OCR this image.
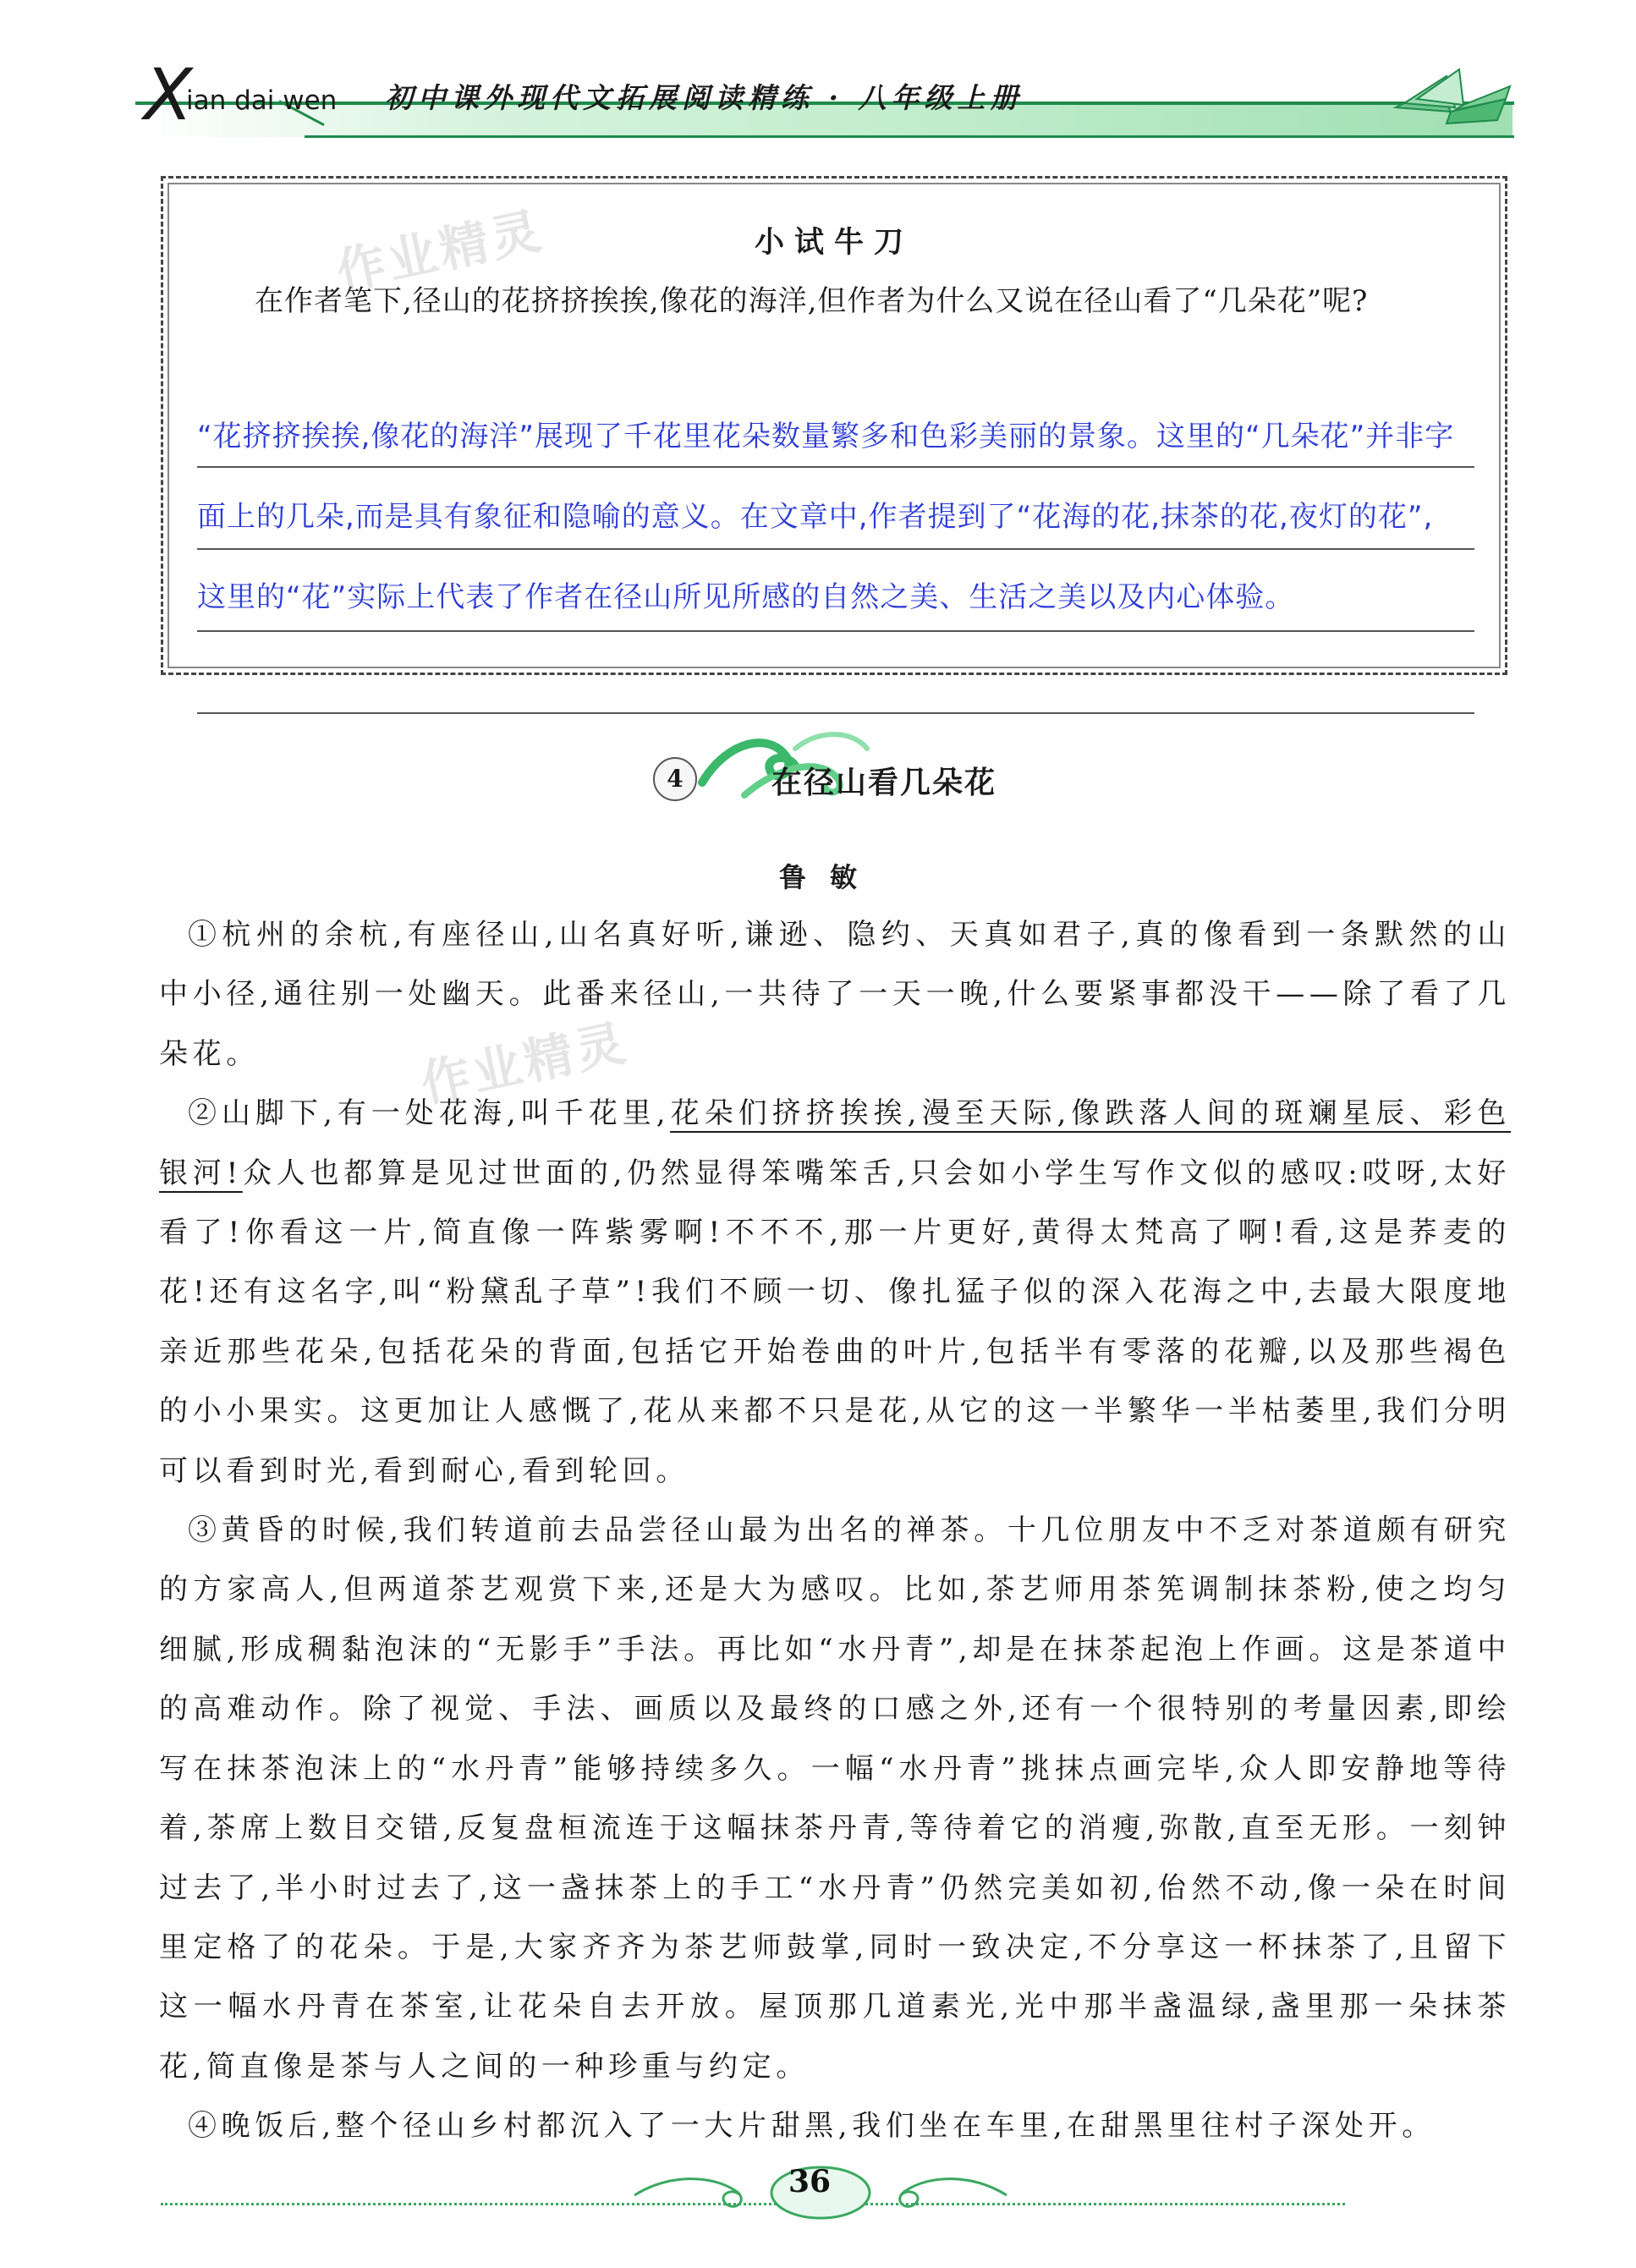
X
ian dai wen 初中课外现代文拓展阅读精练 · 八年级上册
小试牛刀
在作者笔下,径山的花挤挤挨挨,像花的海洋,但作者为什么又说在径山看了“几朵花”呢?
“花挤挤挨挨,像花的海洋”展现了千花里花朵数量繁多和色彩美丽的景象。这里的“几朵花”并非字面上的几朵,而是具有象征和隐喻的意义。在文章中,作者提到了“花海的花,抹茶的花,夜灯的花”,这里的“花”实际上代表了作者在径山所见所感的自然之美、生活之美以及内心体验。
作业精灵
作业精灵
4	在径山看几朵花
鲁敏

①杭州的余杭,有座径山,山名真好听,谦逊、隐约、天真如君子,真的像看到一条默然的山中小径,通往别一处幽天。此番来径山,一共待了一天一晚,什么要紧事都没干——除了看了几朵花。

②山脚下,有一处花海,叫千花里,花朵们挤挤挨挨,漫至天际,像跌落人间的斑斓星辰、彩色银河!众人也都算是见过世面的,仍然显得笨嘴笨舌,只会如小学生写作文似的感叹:哎呀,太好看了!你看这一片,简直像一阵紫雾啊!不不不,那一片更好,黄得太梵高了啊!看,这是荞麦的花!还有这名字,叫“粉黛乱子草”!我们不顾一切、像扎猛子似的深入花海之中,去最大限度地亲近那些花朵,包括花朵的背面,包括它开始卷曲的叶片,包括半有零落的花瓣,以及那些褐色的小小果实。这更加让人感慨了,花从来都不只是花,从它的这一半繁华一半枯萎里,我们分明可以看到时光,看到耐心,看到轮回。

③黄昏的时候,我们转道前去品尝径山最为出名的禅茶。十几位朋友中不乏对茶道颇有研究的方家高人,但两道茶艺观赏下来,还是大为感叹。比如,茶艺师用茶筅调制抹茶粉,使之均匀细腻,形成稠黏泡沫的“无影手”手法。再比如“水丹青”,却是在抹茶起泡上作画。这是茶道中的高难动作。除了视觉、手法、画质以及最终的口感之外,还有一个很特别的考量因素,即绘写在抹茶泡沫上的“水丹青”能够持续多久。一幅“水丹青”挑抹点画完毕,众人即安静地等待着,茶席上数目交错,反复盘桓流连于这幅抹茶丹青,等待着它的消瘦,弥散,直至无形。一刻钟过去了,半小时过去了,这一盏抹茶上的手工“水丹青”仍然完美如初,佁然不动,像一朵在时间里定格了的花朵。于是,大家齐齐为茶艺师鼓掌,同时一致决定,不分享这一杯抹茶了,且留下这一幅水丹青在茶室,让花朵自去开放。屋顶那几道素光,光中那半盏温绿,盏里那一朵抹茶花,简直像是茶与人之间的一种珍重与约定。

④晚饭后,整个径山乡村都沉入了一大片甜黑,我们坐在车里,在甜黑里往村子深处开。

36
